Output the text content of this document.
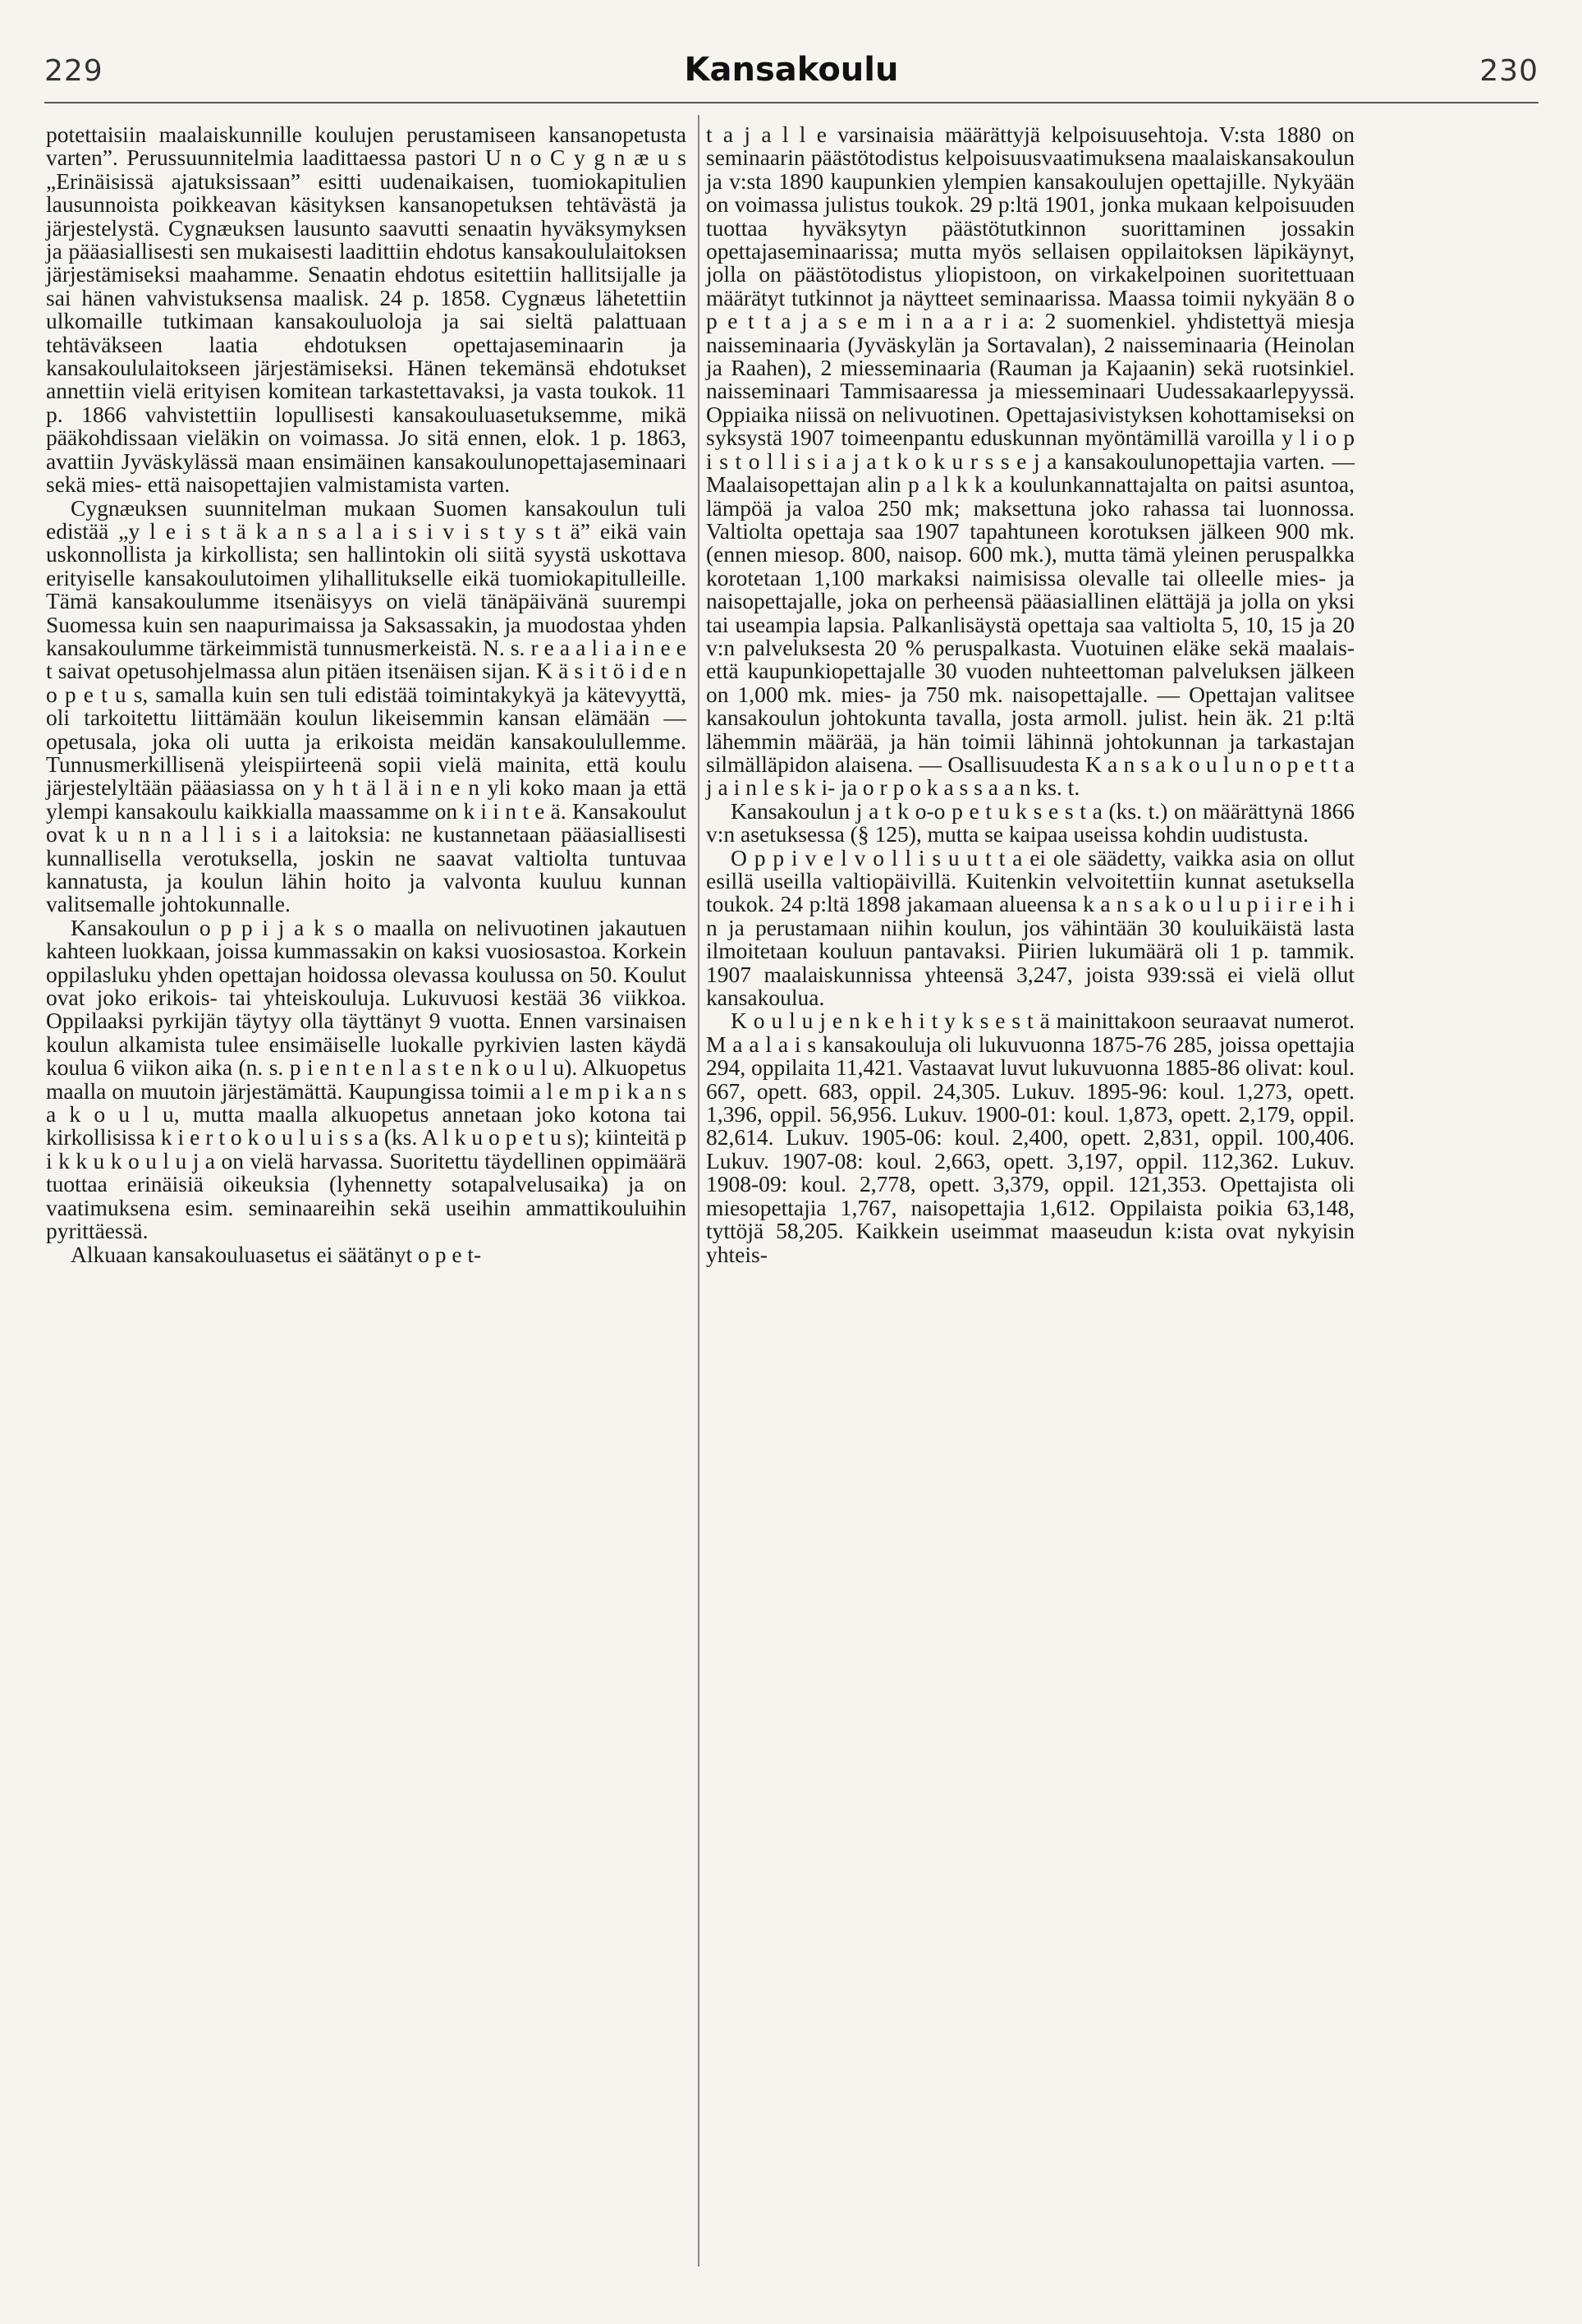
229	Kansakoulu	230

potettaisiin maalaiskunnille koulujen perustamiseen kansanopetusta varten”. Perussuunnitelmia laadittaessa pastori U n o C y g n æ u s „Erinäisissä ajatuksissaan” esitti uudenaikaisen, tuomiokapitulien lausunnoista poikkeavan käsityksen kansanopetuksen tehtävästä ja järjestelystä. Cygnæuksen lausunto saavutti senaatin hyväksymyksen ja pääasiallisesti sen mukaisesti laadittiin ehdotus kansakoululaitoksen järjestämiseksi maahamme. Senaatin ehdotus esitettiin hallitsijalle ja sai hänen vahvistuksensa maalisk. 24 p. 1858. Cygnæus lähetettiin ulkomaille tutkimaan kansakouluoloja ja sai sieltä palattuaan tehtäväkseen laatia ehdotuksen opettajaseminaarin ja kansakoululaitokseen järjestämiseksi. Hänen tekemänsä ehdotukset annettiin vielä erityisen komitean tarkastettavaksi, ja vasta toukok. 11 p. 1866 vahvistettiin lopullisesti kansakouluasetuksemme, mikä pääkohdissaan vieläkin on voimassa. Jo sitä ennen, elok. 1 p. 1863, avattiin Jyväskylässä maan ensimäinen kansakoulunopettajaseminaari sekä mies- että naisopettajien valmistamista varten.

Cygnæuksen suunnitelman mukaan Suomen kansakoulun tuli edistää „y l e i s t ä k a n s a l a i s i v i s t y s t ä” eikä vain uskonnollista ja kirkollista; sen hallintokin oli siitä syystä uskottava erityiselle kansakoulutoimen ylihallitukselle eikä tuomiokapitulleille. Tämä kansakoulumme itsenäisyys on vielä tänäpäivänä suurempi Suomessa kuin sen naapurimaissa ja Saksassakin, ja muodostaa yhden kansakoulumme tärkeimmistä tunnusmerkeistä. N. s. r e a a l i a i n e e t saivat opetusohjelmassa alun pitäen itsenäisen sijan. K ä s i t ö i d e n o p e t u s, samalla kuin sen tuli edistää toimintakykyä ja kätevyyttä, oli tarkoitettu liittämään koulun likeisemmin kansan elämään — opetusala, joka oli uutta ja erikoista meidän kansakoulullemme. Tunnusmerkillisenä yleispiirteenä sopii vielä mainita, että koulu järjestelyltään pääasiassa on y h t ä l ä i n e n yli koko maan ja että ylempi kansakoulu kaikkialla maassamme on k i i n t e ä. Kansakoulut ovat k u n n a l l i s i a laitoksia: ne kustannetaan pääasiallisesti kunnallisella verotuksella, joskin ne saavat valtiolta tuntuvaa kannatusta, ja koulun lähin hoito ja valvonta kuuluu kunnan valitsemalle johtokunnalle.

Kansakoulun o p p i j a k s o maalla on nelivuotinen jakautuen kahteen luokkaan, joissa kummassakin on kaksi vuosiosastoa. Korkein oppilasluku yhden opettajan hoidossa olevassa koulussa on 50. Koulut ovat joko erikois- tai yhteiskouluja. Lukuvuosi kestää 36 viikkoa. Oppilaaksi pyrkijän täytyy olla täyttänyt 9 vuotta. Ennen varsinaisen koulun alkamista tulee ensimäiselle luokalle pyrkivien lasten käydä koulua 6 viikon aika (n. s. p i e n t e n l a s t e n k o u l u). Alkuopetus maalla on muutoin järjestämättä. Kaupungissa toimii a l e m p i k a n s a k o u l u, mutta maalla alkuopetus annetaan joko kotona tai kirkollisissa k i e r t o k o u l u i s s a (ks. A l k u o p e t u s); kiinteitä p i k k u k o u l u j a on vielä harvassa. Suoritettu täydellinen oppimäärä tuottaa erinäisiä oikeuksia (lyhennetty sotapalvelusaika) ja on vaatimuksena esim. seminaareihin sekä useihin ammattikouluihin pyrittäessä.

Alkuaan kansakouluasetus ei säätänyt o p e t-

t a j a l l e varsinaisia määrättyjä kelpoisuusehtoja. V:sta 1880 on seminaarin päästötodistus kelpoisuusvaatimuksena maalaiskansakoulun ja v:sta 1890 kaupunkien ylempien kansakoulujen opettajille. Nykyään on voimassa julistus toukok. 29 p:ltä 1901, jonka mukaan kelpoisuuden tuottaa hyväksytyn päästötutkinnon suorittaminen jossakin opettajaseminaarissa; mutta myös sellaisen oppilaitoksen läpikäynyt, jolla on päästötodistus yliopistoon, on virkakelpoinen suoritettuaan määrätyt tutkinnot ja näytteet seminaarissa. Maassa toimii nykyään 8 o p e t t a j a s e m i n a a r i a: 2 suomenkiel. yhdistettyä miesja naisseminaaria (Jyväskylän ja Sortavalan), 2 naisseminaaria (Heinolan ja Raahen), 2 miesseminaaria (Rauman ja Kajaanin) sekä ruotsinkiel. naisseminaari Tammisaaressa ja miesseminaari Uudessakaarlepyyssä. Oppiaika niissä on nelivuotinen. Opettajasivistyksen kohottamiseksi on syksystä 1907 toimeenpantu eduskunnan myöntämillä varoilla y l i o p i s t o l l i s i a j a t k o k u r s s e j a kansakoulunopettajia varten. — Maalaisopettajan alin p a l k k a koulunkannattajalta on paitsi asuntoa, lämpöä ja valoa 250 mk; maksettuna joko rahassa tai luonnossa. Valtiolta opettaja saa 1907 tapahtuneen korotuksen jälkeen 900 mk. (ennen miesop. 800, naisop. 600 mk.), mutta tämä yleinen peruspalkka korotetaan 1,100 markaksi naimisissa olevalle tai olleelle mies- ja naisopettajalle, joka on perheensä pääasiallinen elättäjä ja jolla on yksi tai useampia lapsia. Palkanlisäystä opettaja saa valtiolta 5, 10, 15 ja 20 v:n palveluksesta 20 % peruspalkasta. Vuotuinen eläke sekä maalais- että kaupunkiopettajalle 30 vuoden nuhteettoman palveluksen jälkeen on 1,000 mk. mies- ja 750 mk. naisopettajalle. — Opettajan valitsee kansakoulun johtokunta tavalla, josta armoll. julist. hein äk. 21 p:ltä lähemmin määrää, ja hän toimii lähinnä johtokunnan ja tarkastajan silmälläpidon alaisena. — Osallisuudesta K a n s a k o u l u n o p e t t a j a i n l e s k i- ja o r p o k a s s a a n ks. t.

Kansakoulun j a t k o-o p e t u k s e s t a (ks. t.) on määrättynä 1866 v:n asetuksessa (§ 125), mutta se kaipaa useissa kohdin uudistusta.

O p p i v e l v o l l i s u u t t a ei ole säädetty, vaikka asia on ollut esillä useilla valtiopäivillä. Kuitenkin velvoitettiin kunnat asetuksella toukok. 24 p:ltä 1898 jakamaan alueensa k a n s a k o u l u p i i r e i h i n ja perustamaan niihin koulun, jos vähintään 30 kouluikäistä lasta ilmoitetaan kouluun pantavaksi. Piirien lukumäärä oli 1 p. tammik. 1907 maalaiskunnissa yhteensä 3,247, joista 939:ssä ei vielä ollut kansakoulua.

K o u l u j e n k e h i t y k s e s t ä mainittakoon seuraavat numerot. M a a l a i s kansakouluja oli lukuvuonna 1875-76 285, joissa opettajia 294, oppilaita 11,421. Vastaavat luvut lukuvuonna 1885-86 olivat: koul. 667, opett. 683, oppil. 24,305. Lukuv. 1895-96: koul. 1,273, opett. 1,396, oppil. 56,956. Lukuv. 1900-01: koul. 1,873, opett. 2,179, oppil. 82,614. Lukuv. 1905-06: koul. 2,400, opett. 2,831, oppil. 100,406. Lukuv. 1907-08: koul. 2,663, opett. 3,197, oppil. 112,362. Lukuv. 1908-09: koul. 2,778, opett. 3,379, oppil. 121,353. Opettajista oli miesopettajia 1,767, naisopettajia 1,612. Oppilaista poikia 63,148, tyttöjä 58,205. Kaikkein useimmat maaseudun k:ista ovat nykyisin yhteis-
